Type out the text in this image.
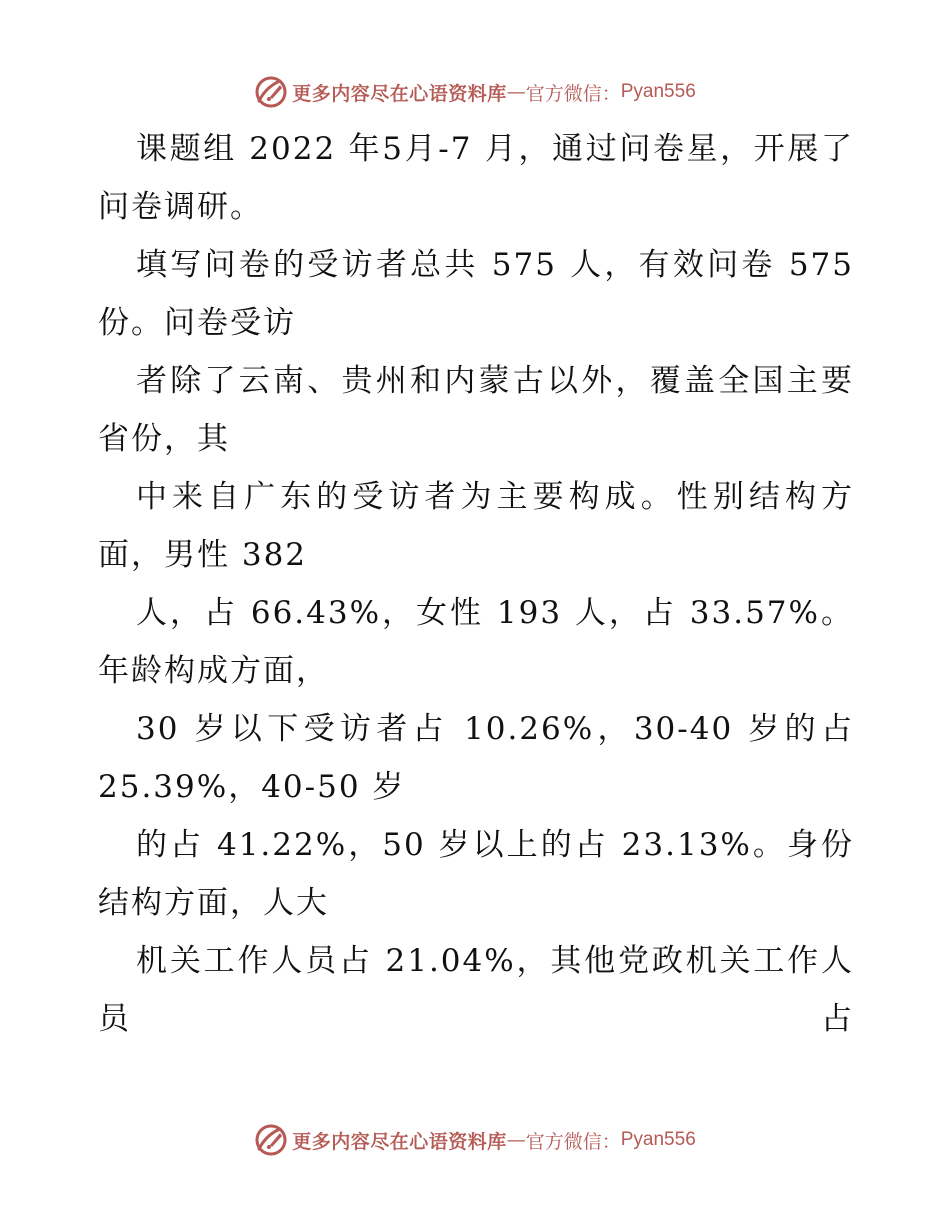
更多内容尽在心语资料库 — 官方微信： Pyan556

课题组 2022 年5月-7 月，通过问卷星，开展了问卷调研。

填写问卷的受访者总共 575 人，有效问卷 575 份。问卷受访

者除了云南、贵州和内蒙古以外，覆盖全国主要省份，其

中来自广东的受访者为主要构成。性别结构方面，男性 382

人，占 66.43%，女性 193 人，占 33.57%。年龄构成方面，

30 岁以下受访者占 10.26%，30-40 岁的占 25.39%，40-50 岁

的占 41.22%，50 岁以上的占 23.13%。身份结构方面，人大

机关工作人员占 21.04%，其他党政机关工作人员占

更多内容尽在心语资料库 — 官方微信： Pyan556
